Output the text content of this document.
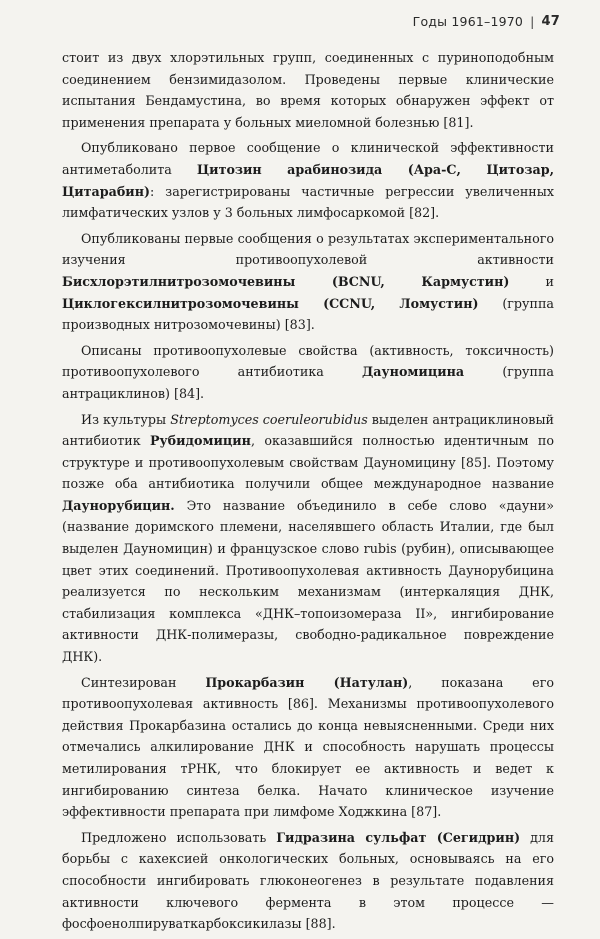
Годы 1961–1970 | 47

стоит из двух хлорэтильных групп, соединенных с пуриноподобным соединением бензимидазолом. Проведены первые клинические испытания Бендамустина, во время которых обнаружен эффект от применения препарата у больных миеломной болезнью [81].

Опубликовано первое сообщение о клинической эффективности антиметаболита Цитозин арабинозида (Ара-С, Цитозар, Цитарабин): зарегистрированы частичные регрессии увеличенных лимфатических узлов у 3 больных лимфосаркомой [82].

Опубликованы первые сообщения о результатах экспериментального изучения противоопухолевой активности Бисхлорэтилнитрозомочевины (BCNU, Кармустин) и Циклогексилнитрозомочевины (CCNU, Ломустин) (группа производных нитрозомочевины) [83].

Описаны противоопухолевые свойства (активность, токсичность) противоопухолевого антибиотика Дауномицина (группа антрациклинов) [84].

Из культуры Streptomyces coeruleorubidus выделен антрациклиновый антибиотик Рубидомицин, оказавшийся полностью идентичным по структуре и противоопухолевым свойствам Дауномицину [85]. Поэтому позже оба антибиотика получили общее международное название Даунорубицин. Это название объединило в себе слово «дауни» (название доримского племени, населявшего область Италии, где был выделен Дауномицин) и французское слово rubis (рубин), описывающее цвет этих соединений. Противоопухолевая активность Даунорубицина реализуется по нескольким механизмам (интеркаляция ДНК, стабилизация комплекса «ДНК–топоизомераза II», ингибирование активности ДНК-полимеразы, свободно-радикальное повреждение ДНК).

Синтезирован Прокарбазин (Натулан), показана его противоопухолевая активность [86]. Механизмы противоопухолевого действия Прокарбазина остались до конца невыясненными. Среди них отмечались алкилирование ДНК и способность нарушать процессы метилирования тРНК, что блокирует ее активность и ведет к ингибированию синтеза белка. Начато клиническое изучение эффективности препарата при лимфоме Ходжкина [87].

Предложено использовать Гидразина сульфат (Сегидрин) для борьбы с кахексией онкологических больных, основываясь на его способности ингибировать глюконеогенез в результате подавления активности ключевого фермента в этом процессе —фосфоенолпируваткарбоксикилазы [88].
